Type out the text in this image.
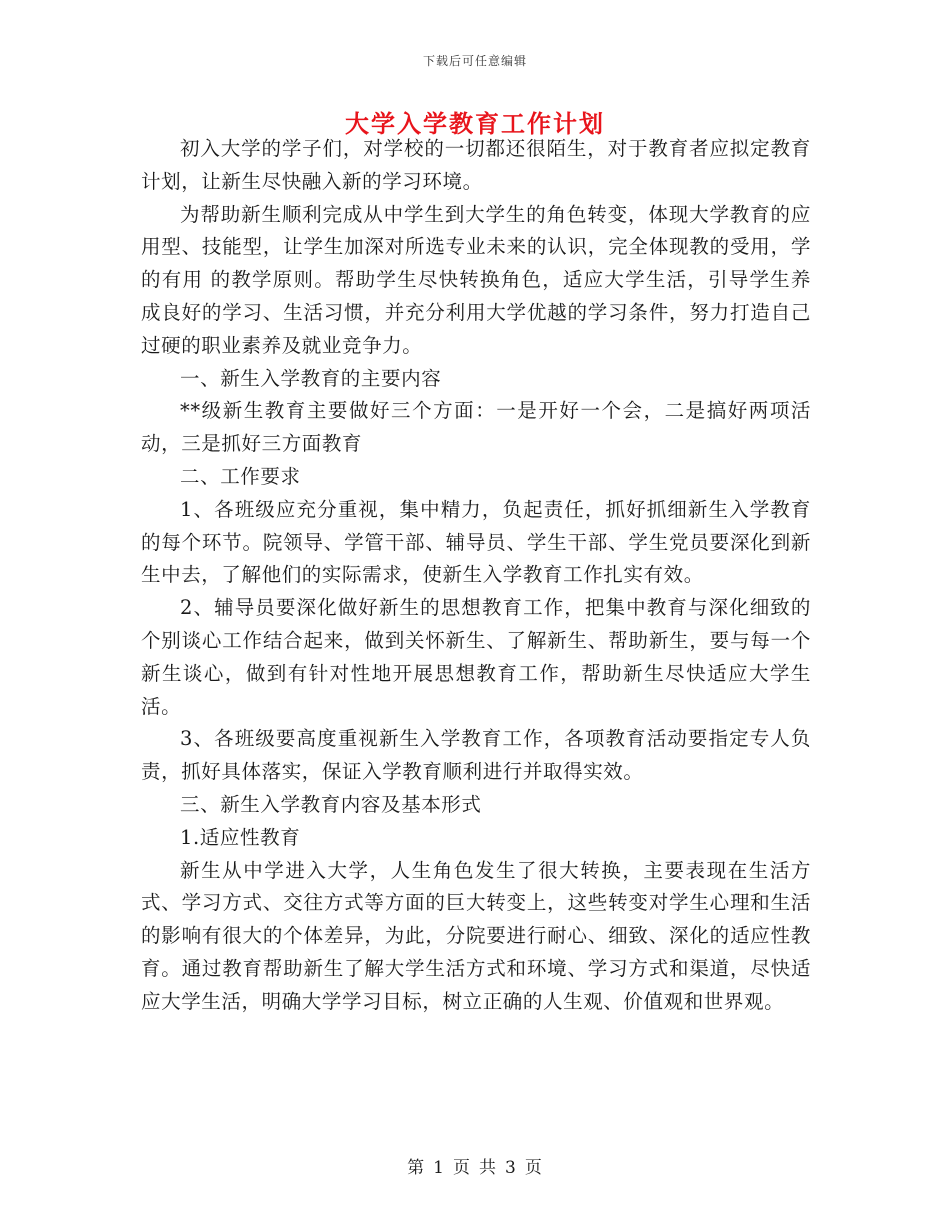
下载后可任意编辑
大学入学教育工作计划

初入大学的学子们，对学校的一切都还很陌生，对于教育者应拟定教育计划，让新生尽快融入新的学习环境。

为帮助新生顺利完成从中学生到大学生的角色转变，体现大学教育的应用型、技能型，让学生加深对所选专业未来的认识，完全体现教的受用，学的有用 的教学原则。帮助学生尽快转换角色，适应大学生活，引导学生养成良好的学习、生活习惯，并充分利用大学优越的学习条件，努力打造自己过硬的职业素养及就业竞争力。

一、新生入学教育的主要内容

**级新生教育主要做好三个方面：一是开好一个会，二是搞好两项活动，三是抓好三方面教育

二、工作要求

1、各班级应充分重视，集中精力，负起责任，抓好抓细新生入学教育的每个环节。院领导、学管干部、辅导员、学生干部、学生党员要深化到新生中去，了解他们的实际需求，使新生入学教育工作扎实有效。

2、辅导员要深化做好新生的思想教育工作，把集中教育与深化细致的个别谈心工作结合起来，做到关怀新生、了解新生、帮助新生，要与每一个新生谈心，做到有针对性地开展思想教育工作，帮助新生尽快适应大学生活。

3、各班级要高度重视新生入学教育工作，各项教育活动要指定专人负责，抓好具体落实，保证入学教育顺利进行并取得实效。

三、新生入学教育内容及基本形式

1.适应性教育

新生从中学进入大学，人生角色发生了很大转换，主要表现在生活方式、学习方式、交往方式等方面的巨大转变上，这些转变对学生心理和生活的影响有很大的个体差异，为此，分院要进行耐心、细致、深化的适应性教育。通过教育帮助新生了解大学生活方式和环境、学习方式和渠道，尽快适应大学生活，明确大学学习目标，树立正确的人生观、价值观和世界观。

第 1 页 共 3 页
